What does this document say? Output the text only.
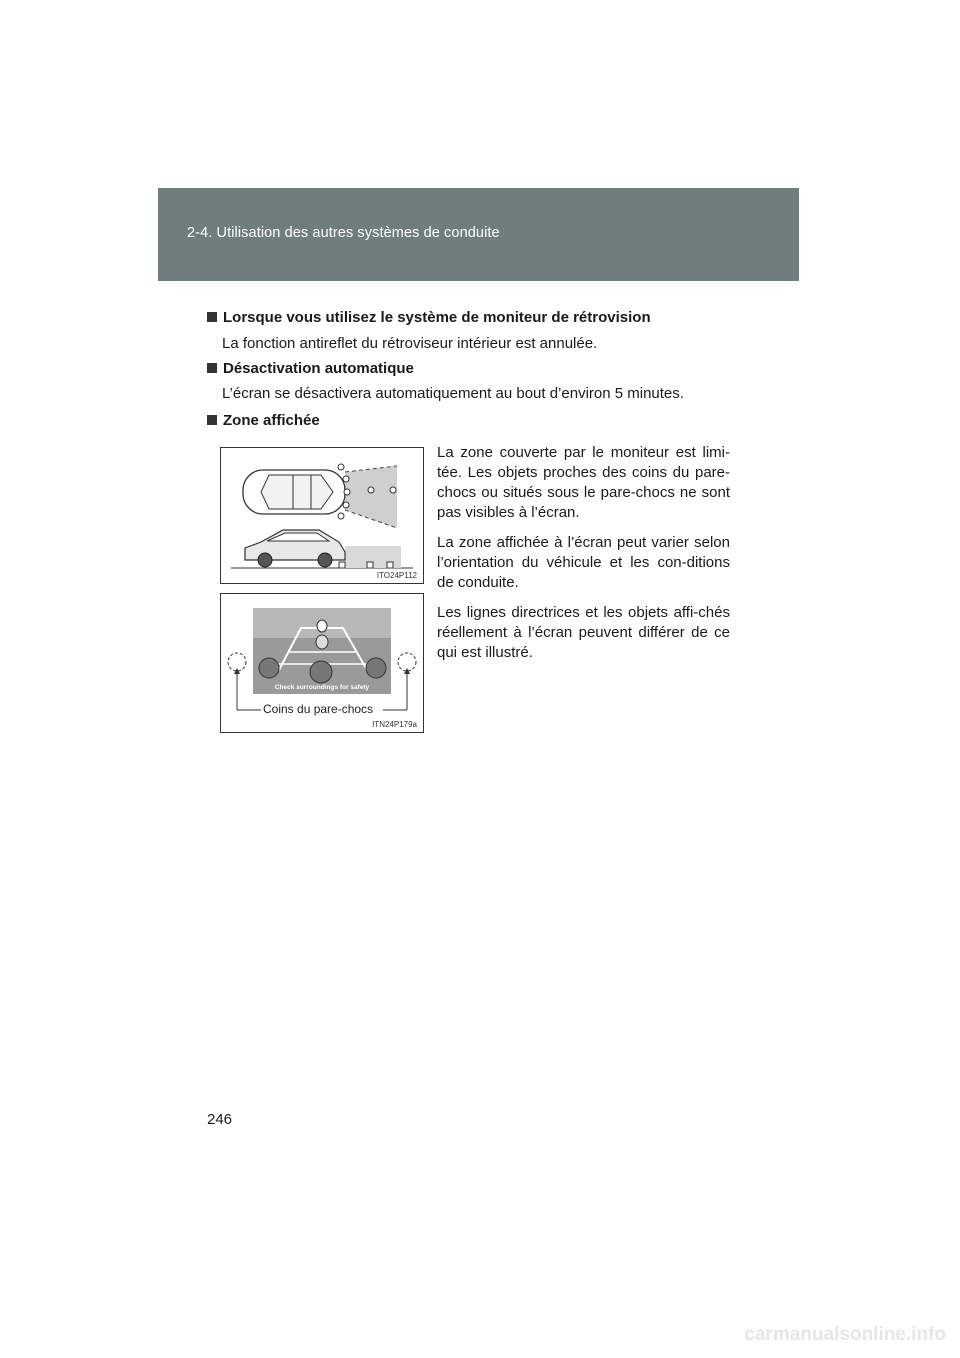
2-4. Utilisation des autres systèmes de conduite
Lorsque vous utilisez le système de moniteur de rétrovision
La fonction antireflet du rétroviseur intérieur est annulée.
Désactivation automatique
L’écran se désactivera automatiquement au bout d’environ 5 minutes.
Zone affichée
ITO24P112
Check surroundings for safety
Coins du pare-chocs
ITN24P179a

La zone couverte par le moniteur est limi-tée. Les objets proches des coins du pare-chocs ou situés sous le pare-chocs ne sont pas visibles à l’écran.

La zone affichée à l’écran peut varier selon l’orientation du véhicule et les con-ditions de conduite.

Les lignes directrices et les objets affi-chés réellement à l’écran peuvent différer de ce qui est illustré.

246
carmanualsonline.info
